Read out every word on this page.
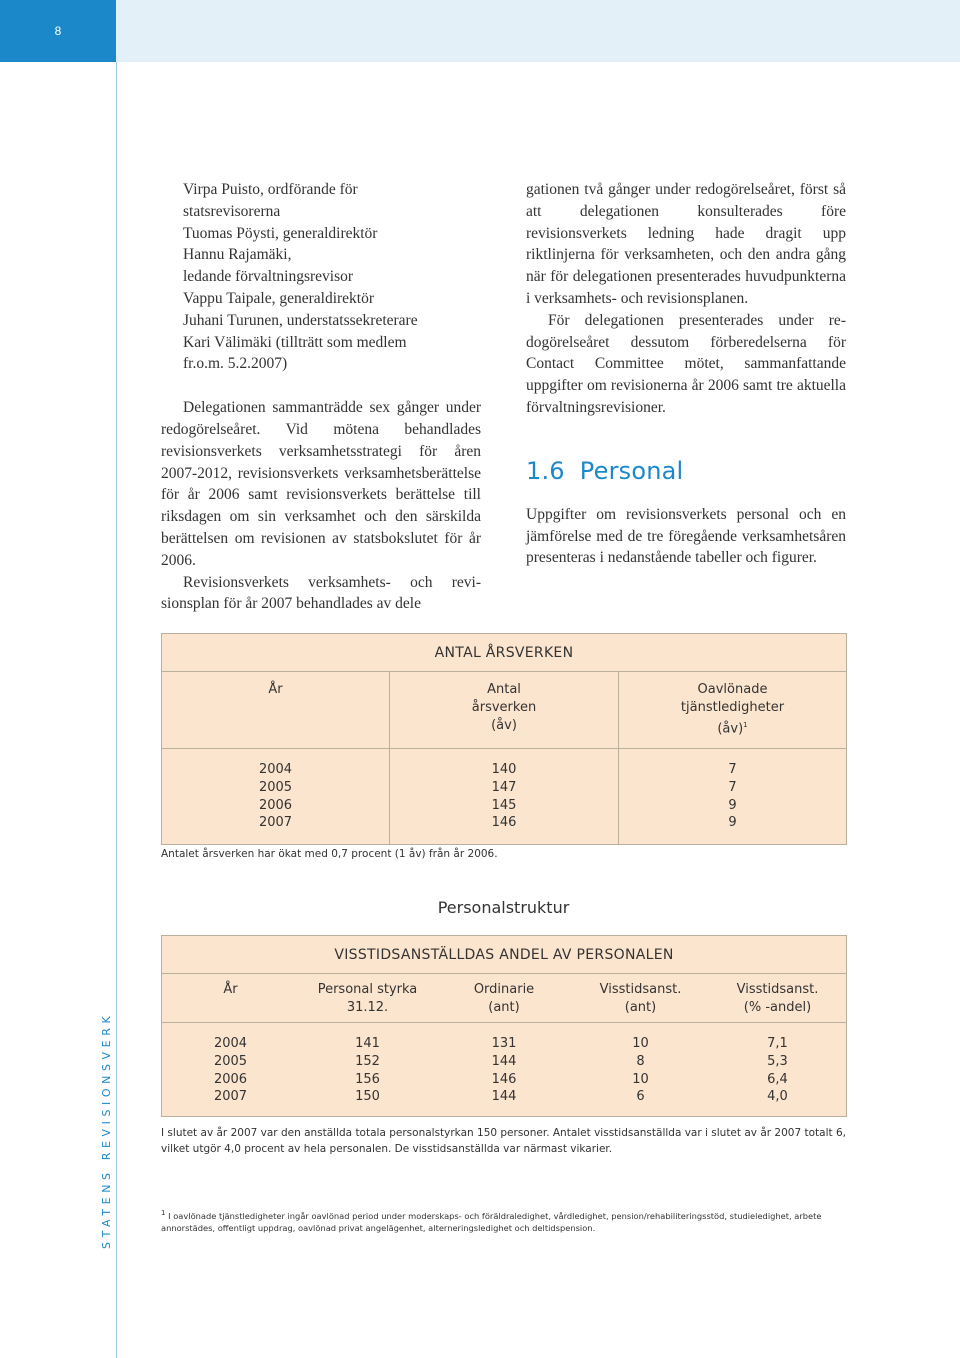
8
STATENS REVISIONSVERK
Virpa Puisto, ordförande för
statsrevisorerna
Tuomas Pöysti, generaldirektör
Hannu Rajamäki,
ledande förvaltningsrevisor
Vappu Taipale, generaldirektör
Juhani Turunen, understatssekreterare
Kari Välimäki (tillträtt som medlem
fr.o.m. 5.2.2007)

Delegationen sammanträdde sex gånger under redogörelseåret. Vid mötena behandlades revisionsverkets verksamhetsstrategi för åren 2007-2012, revisionsverkets verksamhetsberättelse för år 2006 samt revisionsverkets berättelse till riksdagen om sin verksamhet och den särskilda berättelsen om revisionen av statsbokslutet för år 2006.

Revisionsverkets verksamhets- och revisionsplan för år 2007 behandlades av dele

gationen två gånger under redogörelseåret, först så att delegationen konsulterades före revisionsverkets ledning hade dragit upp riktlinjerna för verksamheten, och den andra gång när för delegationen presenterades huvudpunkterna i verksamhets- och revisionsplanen.

För delegationen presenterades under redogörelseåret dessutom förberedelserna för Contact Committee mötet, sammanfattande uppgifter om revisionerna år 2006 samt tre aktuella förvaltningsrevisioner.

1.6 Personal

Uppgifter om revisionsverkets personal och en jämförelse med de tre föregående verksamhetsåren presenteras i nedanstående tabeller och figurer.

ANTAL ÅRSVERKEN
År	Antal
årsverken
(åv)
Oavlönade
tjänstledigheter
(åv)$^1$
2004
2005
2006
2007
140
147
145
146
7
7
9
9
Antalet årsverken har ökat med 0,7 procent (1 åv) från år 2006.
Personalstruktur
VISSTIDSANSTÄLLDAS ANDEL AV PERSONALEN
År	Personal styrka
31.12.
Ordinarie
(ant)
Visstidsanst.
(ant)
Visstidsanst.
(% -andel)
2004
2005
2006
2007
141
152
156
150
131
144
146
144
10
8
10
6
7,1
5,3
6,4
4,0
I slutet av år 2007 var den anställda totala personalstyrkan 150 personer. Antalet visstidsanställda var i slutet av år 2007 totalt 6, vilket utgör 4,0 procent av hela personalen. De visstidsanställda var närmast vikarier.
$^1$ I oavlönade tjänstledigheter ingår oavlönad period under moderskaps- och föräldraledighet, vårdledighet, pension/rehabiliteringsstöd, studieledighet, arbete annorstädes, offentligt uppdrag, oavlönad privat angelägenhet, alterneringsledighet och deltidspension.
